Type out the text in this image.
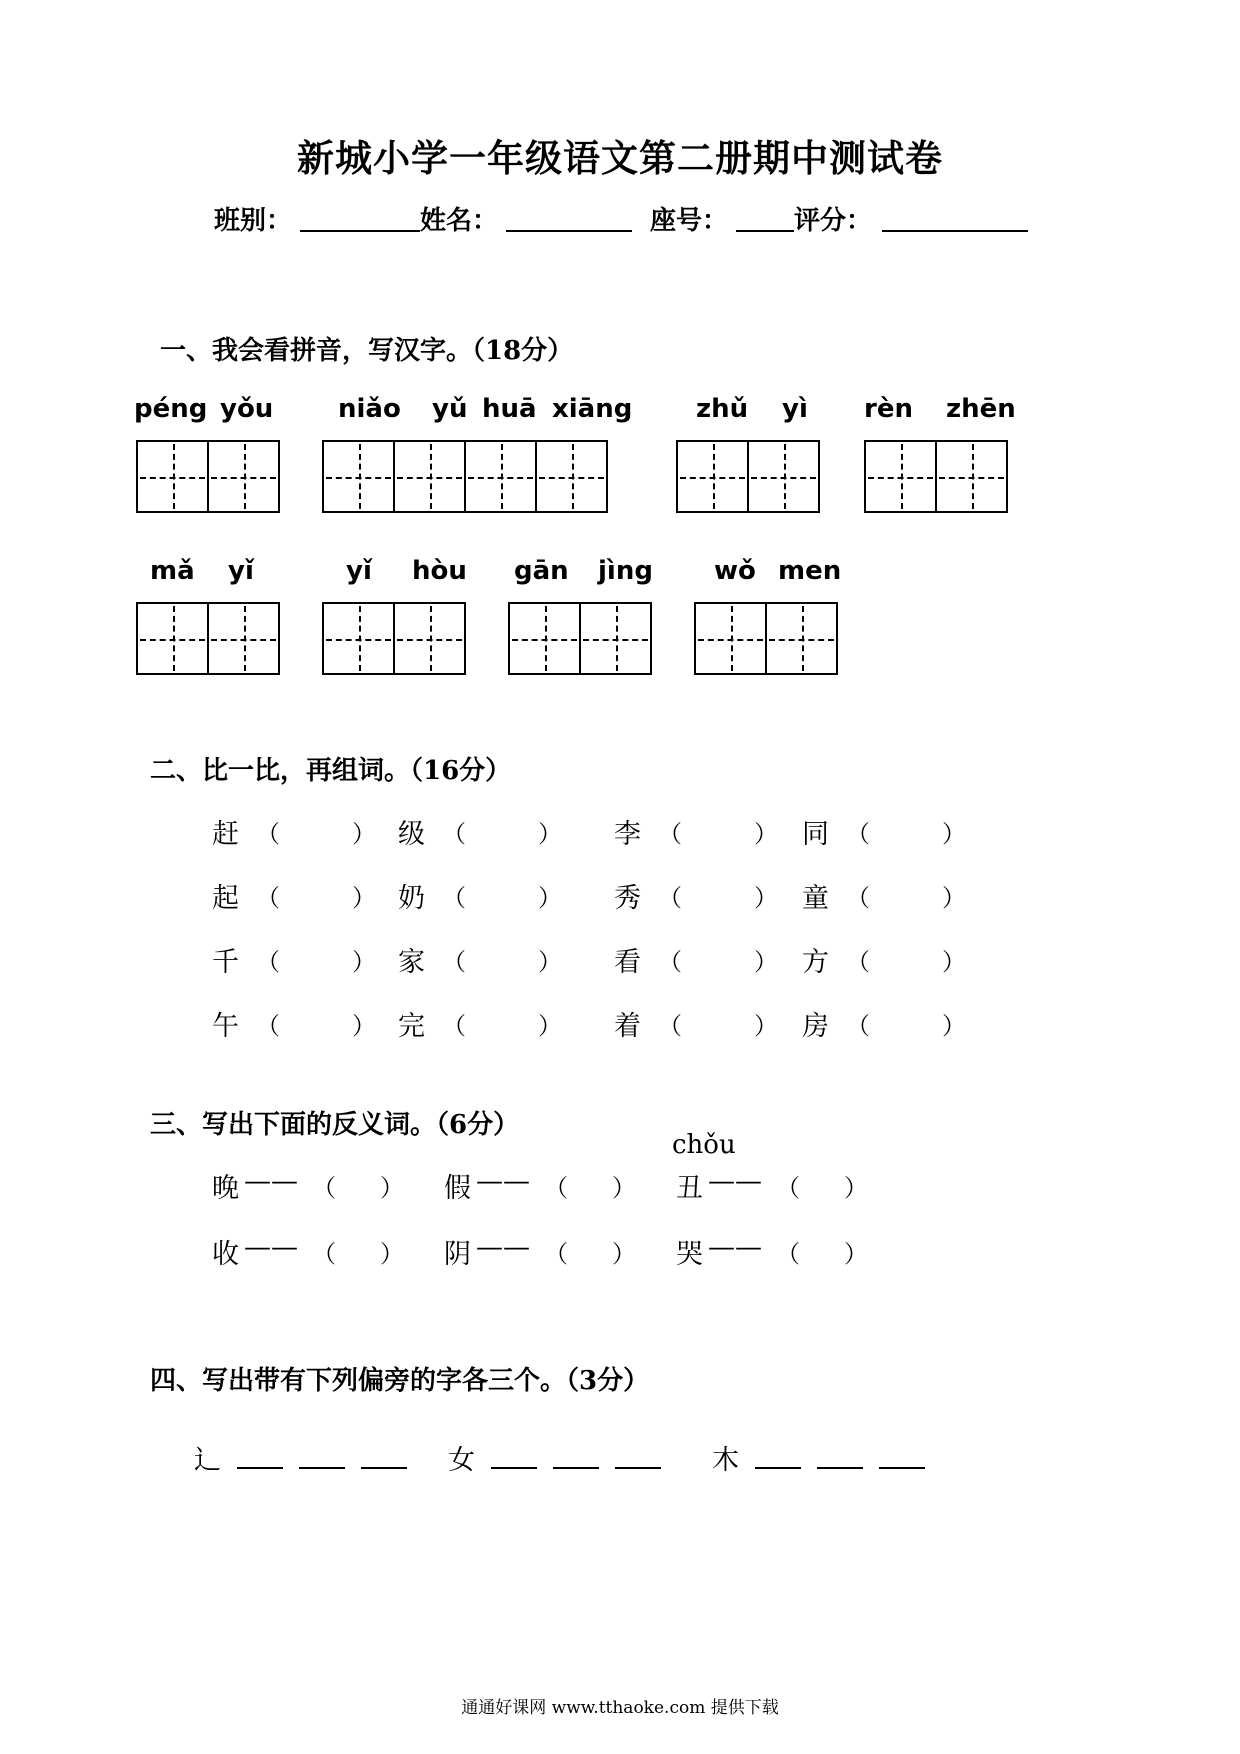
新城小学一年级语文第二册期中测试卷
班别：	姓名：	座号：	评分：
一、我会看拼音，写汉字。（18分）
péng yǒu niǎo yǔ huā xiāng zhǔ yì rèn zhēn
mǎ yǐ	yǐ hòu gān jìng wǒ men
二、比一比，再组词。（16分）
赶 （	） 级 （	） 李 （	） 同 （	）
起 （	） 奶 （	） 秀 （	） 童 （	）
千 （	） 家 （	） 看 （	） 方 （	）
午 （	） 完 （	） 着 （	） 房 （	）
三、写出下面的反义词。（6分）
chǒu
晚 —— （ ） 假 —— （ ） 丑 —— （ ）
收 —— （ ） 阴 —— （ ） 哭 —— （ ）
四、写出带有下列偏旁的字各三个。（3分）
辶	女	木
通通好课网 www.tthaoke.com 提供下载
